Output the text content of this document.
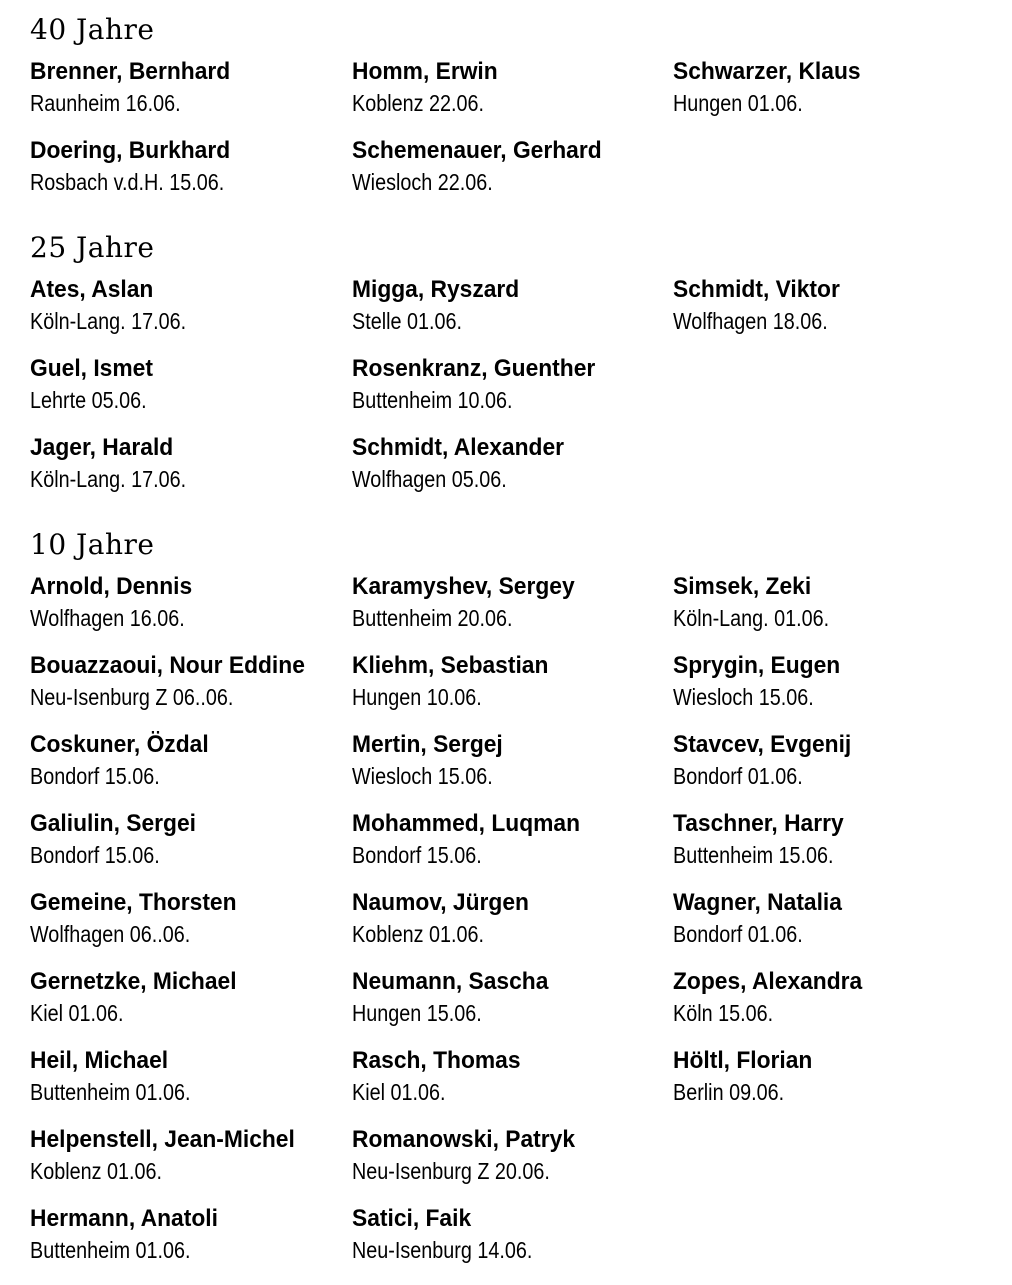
40 Jahre
Brenner, Bernhard
Raunheim 16.06.
Doering, Burkhard
Rosbach v.d.H. 15.06.
Homm, Erwin
Koblenz 22.06.
Schemenauer, Gerhard
Wiesloch 22.06.
Schwarzer, Klaus
Hungen 01.06.
25 Jahre
Ates, Aslan
Köln-Lang. 17.06.
Guel, Ismet
Lehrte 05.06.
Jager, Harald
Köln-Lang. 17.06.
Migga, Ryszard
Stelle 01.06.
Rosenkranz, Guenther
Buttenheim 10.06.
Schmidt, Alexander
Wolfhagen 05.06.
Schmidt, Viktor
Wolfhagen 18.06.
10 Jahre
Arnold, Dennis
Wolfhagen 16.06.
Bouazzaoui, Nour Eddine
Neu-Isenburg Z 06..06.
Coskuner, Özdal
Bondorf 15.06.
Galiulin, Sergei
Bondorf 15.06.
Gemeine, Thorsten
Wolfhagen 06..06.
Gernetzke, Michael
Kiel 01.06.
Heil, Michael
Buttenheim 01.06.
Helpenstell, Jean-Michel
Koblenz 01.06.
Hermann, Anatoli
Buttenheim 01.06.
Karamyshev, Sergey
Buttenheim 20.06.
Kliehm, Sebastian
Hungen 10.06.
Mertin, Sergej
Wiesloch 15.06.
Mohammed, Luqman
Bondorf 15.06.
Naumov, Jürgen
Koblenz 01.06.
Neumann, Sascha
Hungen 15.06.
Rasch, Thomas
Kiel 01.06.
Romanowski, Patryk
Neu-Isenburg Z 20.06.
Satici, Faik
Neu-Isenburg 14.06.
Simsek, Zeki
Köln-Lang. 01.06.
Sprygin, Eugen
Wiesloch 15.06.
Stavcev, Evgenij
Bondorf 01.06.
Taschner, Harry
Buttenheim 15.06.
Wagner, Natalia
Bondorf 01.06.
Zopes, Alexandra
Köln 15.06.
Höltl, Florian
Berlin 09.06.
